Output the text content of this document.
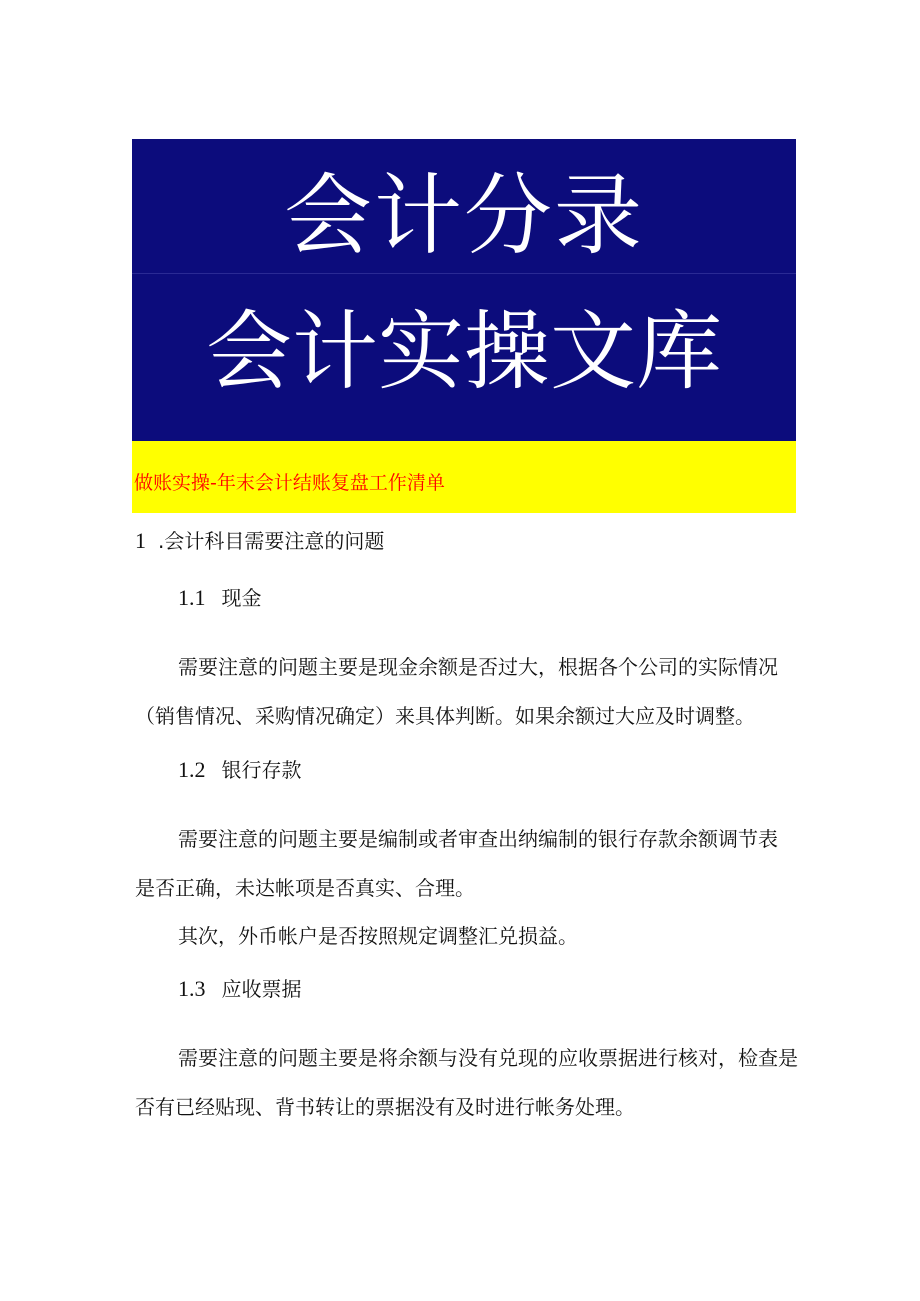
会计分录
会计实操文库
做账实操-年末会计结账复盘工作清单
1 .会计科目需要注意的问题
1.1 现金
需要注意的问题主要是现金余额是否过大，根据各个公司的实际情况
（销售情况、采购情况确定）来具体判断。如果余额过大应及时调整。
1.2 银行存款
需要注意的问题主要是编制或者审查出纳编制的银行存款余额调节表
是否正确，未达帐项是否真实、合理。
其次，外币帐户是否按照规定调整汇兑损益。
1.3 应收票据
需要注意的问题主要是将余额与没有兑现的应收票据进行核对，检查是
否有已经贴现、背书转让的票据没有及时进行帐务处理。
